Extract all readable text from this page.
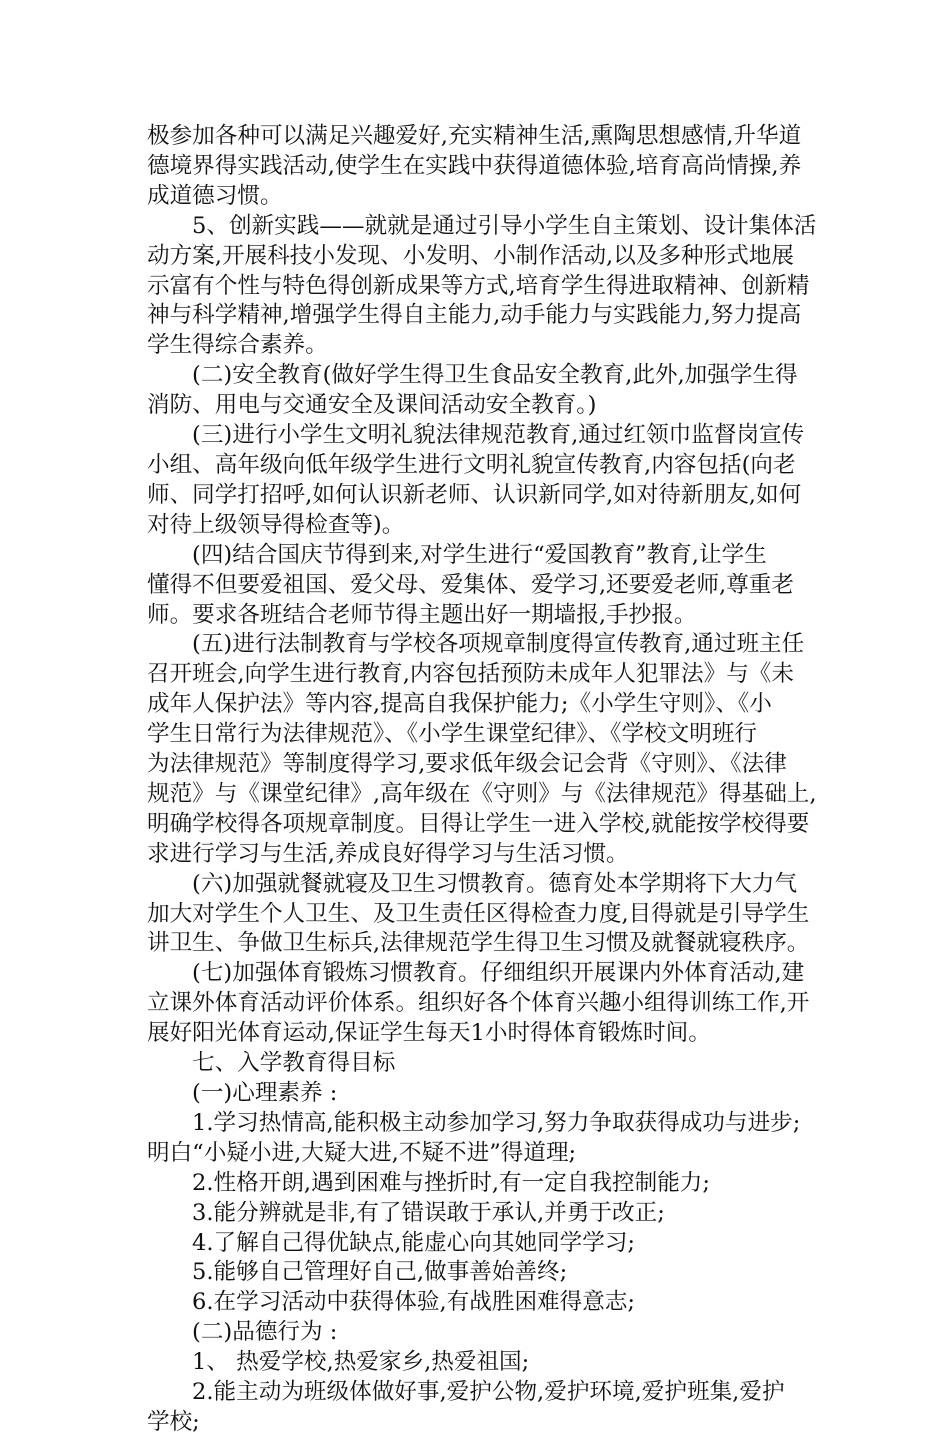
极参加各种可以满足兴趣爱好,充实精神生活,熏陶思想感情,升华道
德境界得实践活动,使学生在实践中获得道德体验,培育高尚情操,养
成道德习惯。
5、创新实践——就就是通过引导小学生自主策划、设计集体活
动方案,开展科技小发现、小发明、小制作活动,以及多种形式地展
示富有个性与特色得创新成果等方式,培育学生得进取精神、创新精
神与科学精神,增强学生得自主能力,动手能力与实践能力,努力提高
学生得综合素养。
(二)安全教育(做好学生得卫生食品安全教育,此外,加强学生得
消防、用电与交通安全及课间活动安全教育。)
(三)进行小学生文明礼貌法律规范教育,通过红领巾监督岗宣传
小组、高年级向低年级学生进行文明礼貌宣传教育,内容包括(向老
师、同学打招呼,如何认识新老师、认识新同学,如对待新朋友,如何
对待上级领导得检查等)。
(四)结合国庆节得到来,对学生进行“爱国教育”教育,让学生
懂得不但要爱祖国、爱父母、爱集体、爱学习,还要爱老师,尊重老
师。要求各班结合老师节得主题出好一期墙报,手抄报。
(五)进行法制教育与学校各项规章制度得宣传教育,通过班主任
召开班会,向学生进行教育,内容包括预防未成年人犯罪法》与《未
成年人保护法》等内容,提高自我保护能力;《小学生守则》、《小
学生日常行为法律规范》、《小学生课堂纪律》、《学校文明班行
为法律规范》等制度得学习,要求低年级会记会背《守则》、《法律
规范》与《课堂纪律》,高年级在《守则》与《法律规范》得基础上,
明确学校得各项规章制度。目得让学生一进入学校,就能按学校得要
求进行学习与生活,养成良好得学习与生活习惯。
(六)加强就餐就寝及卫生习惯教育。德育处本学期将下大力气
加大对学生个人卫生、及卫生责任区得检查力度,目得就是引导学生
讲卫生、争做卫生标兵,法律规范学生得卫生习惯及就餐就寝秩序。
(七)加强体育锻炼习惯教育。仔细组织开展课内外体育活动,建
立课外体育活动评价体系。组织好各个体育兴趣小组得训练工作,开
展好阳光体育运动,保证学生每天1小时得体育锻炼时间。
七、入学教育得目标
(一)心理素养 :
1.学习热情高,能积极主动参加学习,努力争取获得成功与进步;
明白“小疑小进,大疑大进,不疑不进”得道理;
2.性格开朗,遇到困难与挫折时,有一定自我控制能力;
3.能分辨就是非,有了错误敢于承认,并勇于改正;
4.了解自己得优缺点,能虚心向其她同学学习;
5.能够自己管理好自己,做事善始善终;
6.在学习活动中获得体验,有战胜困难得意志;
(二)品德行为 :
1、 热爱学校,热爱家乡,热爱祖国;
2.能主动为班级体做好事,爱护公物,爱护环境,爱护班集,爱护
学校;
